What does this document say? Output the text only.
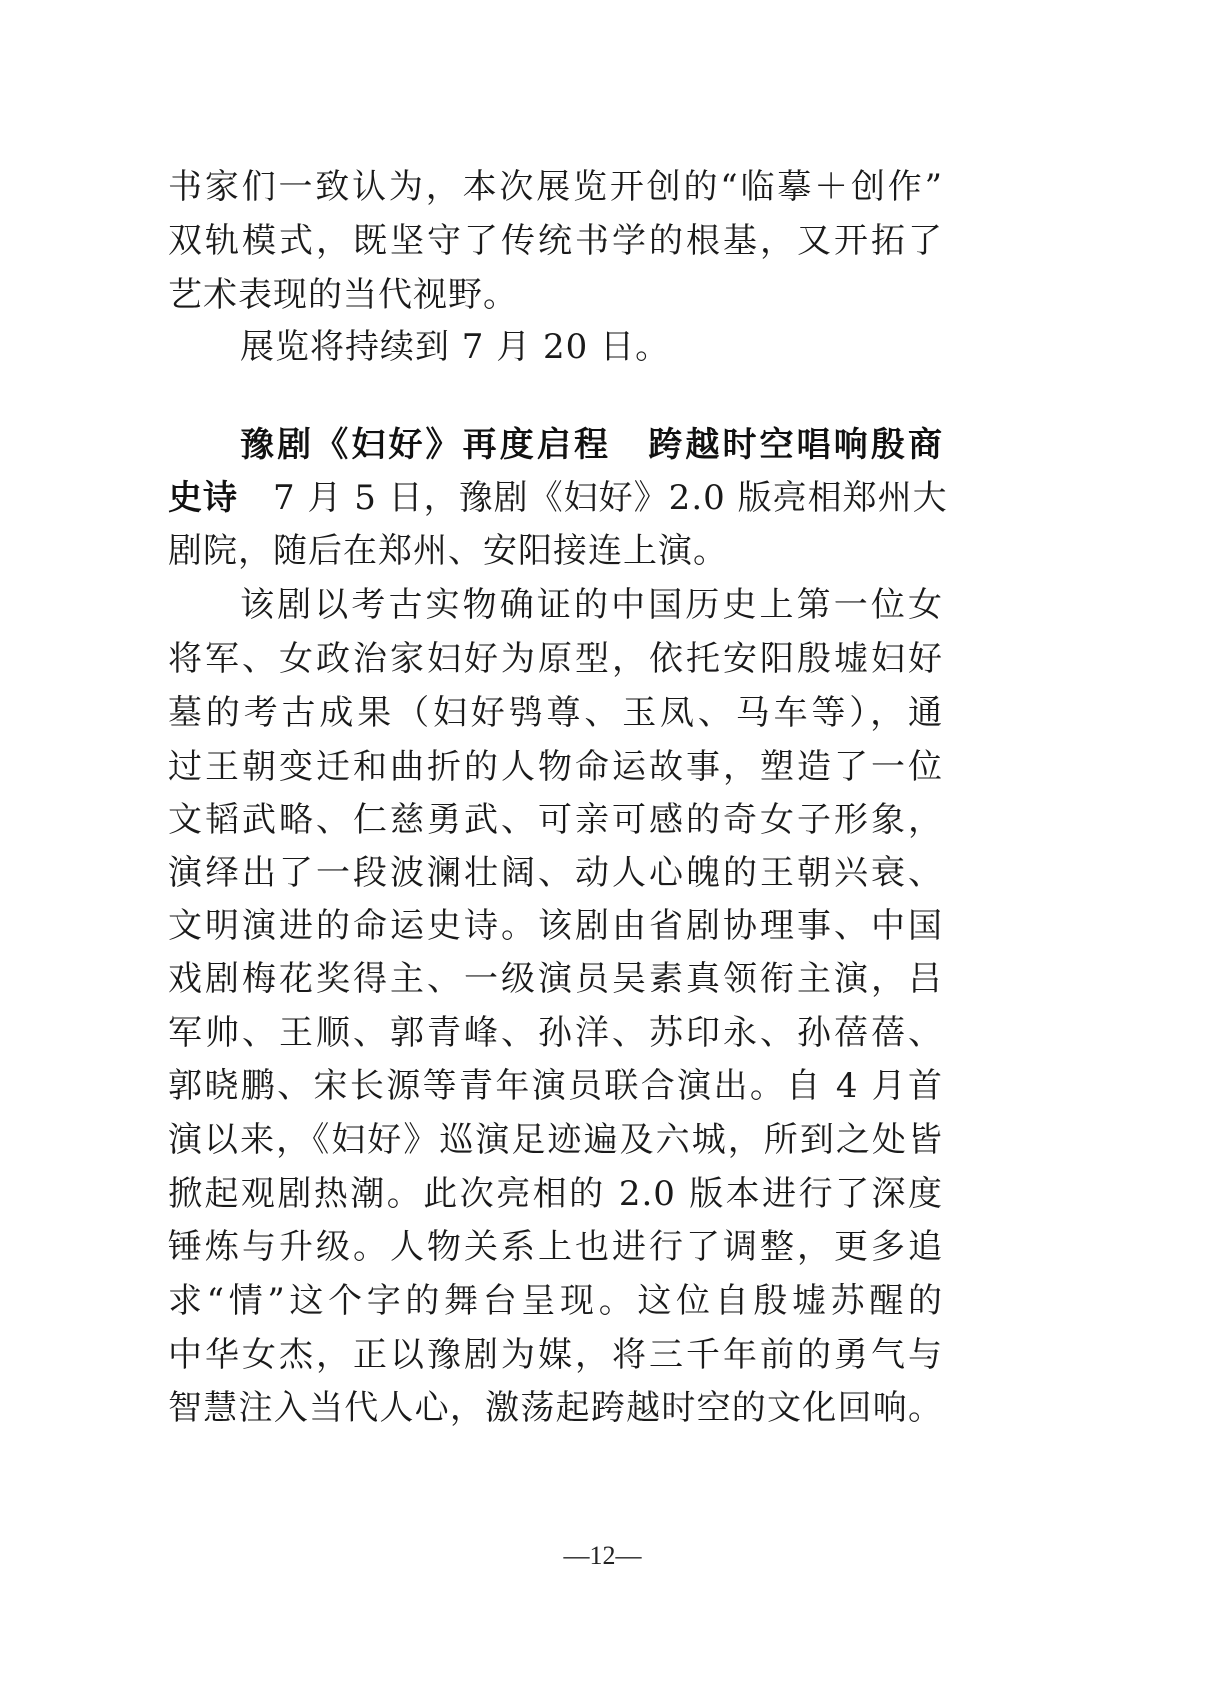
书家们一致认为，本次展览开创的“临摹＋创作”
双轨模式，既坚守了传统书学的根基，又开拓了
艺术表现的当代视野。
展览将持续到 7 月 20 日。
豫剧《妇好》再度启程　跨越时空唱响殷商
史诗　7 月 5 日，豫剧《妇好》2.0 版亮相郑州大
剧院，随后在郑州、安阳接连上演。
该剧以考古实物确证的中国历史上第一位女
将军、女政治家妇好为原型，依托安阳殷墟妇好
墓的考古成果（妇好鸮尊、玉凤、马车等），通
过王朝变迁和曲折的人物命运故事，塑造了一位
文韬武略、仁慈勇武、可亲可感的奇女子形象，
演绎出了一段波澜壮阔、动人心魄的王朝兴衰、
文明演进的命运史诗。该剧由省剧协理事、中国
戏剧梅花奖得主、一级演员吴素真领衔主演，吕
军帅、王顺、郭青峰、孙洋、苏印永、孙蓓蓓、
郭晓鹏、宋长源等青年演员联合演出。自 4 月首
演以来，《妇好》巡演足迹遍及六城，所到之处皆
掀起观剧热潮。此次亮相的 2.0 版本进行了深度
锤炼与升级。人物关系上也进行了调整，更多追
求“情”这个字的舞台呈现。这位自殷墟苏醒的
中华女杰，正以豫剧为媒，将三千年前的勇气与
智慧注入当代人心，激荡起跨越时空的文化回响。
—12—
